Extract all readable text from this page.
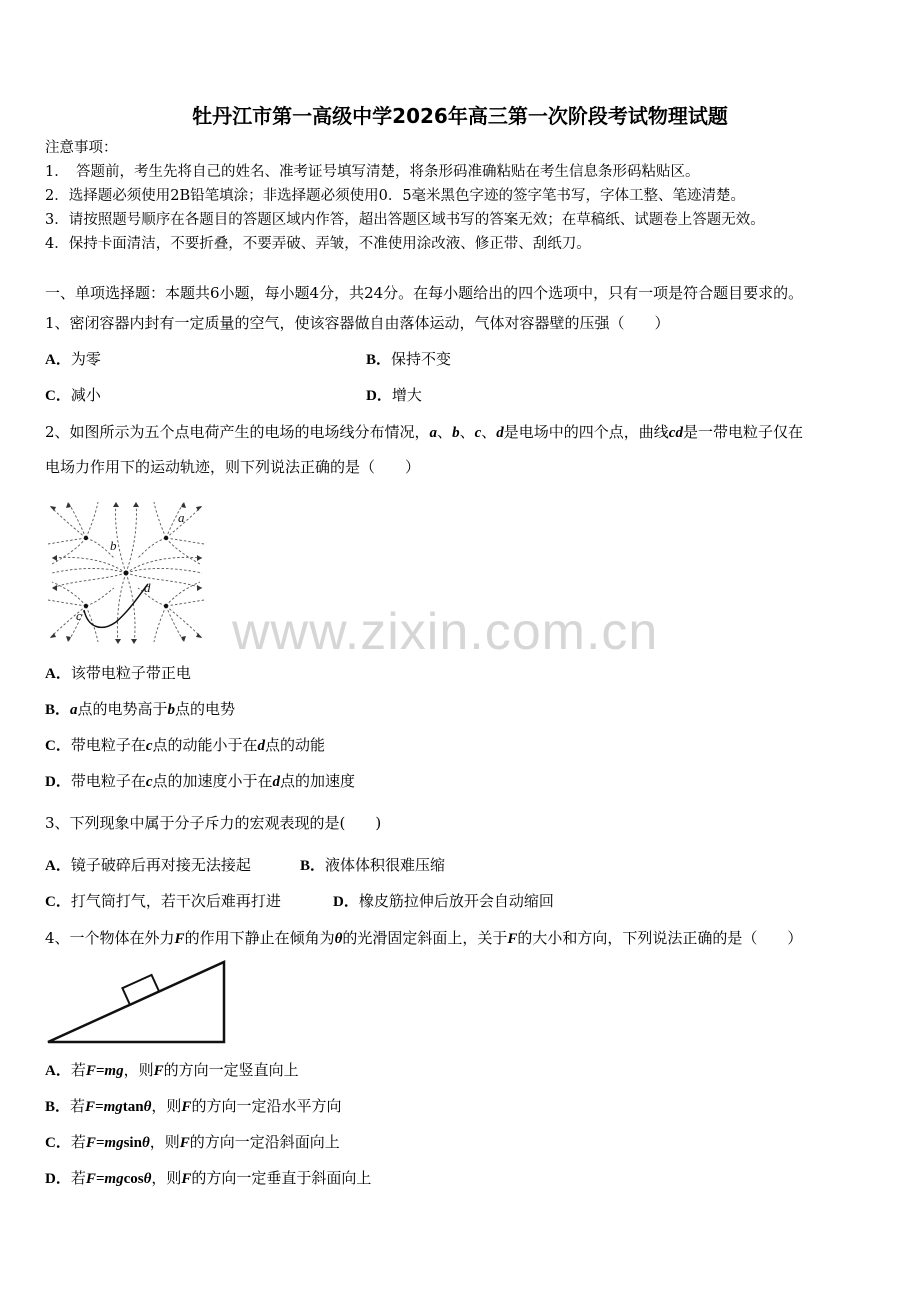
牡丹江市第一高级中学2026年高三第一次阶段考试物理试题
注意事项：
1．　答题前，考生先将自己的姓名、准考证号填写清楚，将条形码准确粘贴在考生信息条形码粘贴区。
2．选择题必须使用2B铅笔填涂；非选择题必须使用0．5毫米黑色字迹的签字笔书写，字体工整、笔迹清楚。
3．请按照题号顺序在各题目的答题区域内作答，超出答题区域书写的答案无效；在草稿纸、试题卷上答题无效。
4．保持卡面清洁，不要折叠，不要弄破、弄皱，不准使用涂改液、修正带、刮纸刀。
一、单项选择题：本题共6小题，每小题4分，共24分。在每小题给出的四个选项中，只有一项是符合题目要求的。
1、密闭容器内封有一定质量的空气，使该容器做自由落体运动，气体对容器壁的压强（　　）
A．为零	B．保持不变
C．减小	D．增大
2、如图所示为五个点电荷产生的电场的电场线分布情况，a、b、c、d是电场中的四个点，曲线cd是一带电粒子仅在
电场力作用下的运动轨迹，则下列说法正确的是（　　）
a
b
c
d
www.zixin.com.cn
A．该带电粒子带正电
B．a点的电势高于b点的电势
C．带电粒子在c点的动能小于在d点的动能
D．带电粒子在c点的加速度小于在d点的加速度
3、下列现象中属于分子斥力的宏观表现的是(　　)
A．镜子破碎后再对接无法接起	B．液体体积很难压缩
C．打气筒打气，若干次后难再打进	D．橡皮筋拉伸后放开会自动缩回
4、一个物体在外力F的作用下静止在倾角为θ的光滑固定斜面上，关于F的大小和方向，下列说法正确的是（　　）
A．若F=mg，则F的方向一定竖直向上
B．若F=mgtanθ，则F的方向一定沿水平方向
C．若F=mgsinθ，则F的方向一定沿斜面向上
D．若F=mgcosθ，则F的方向一定垂直于斜面向上
